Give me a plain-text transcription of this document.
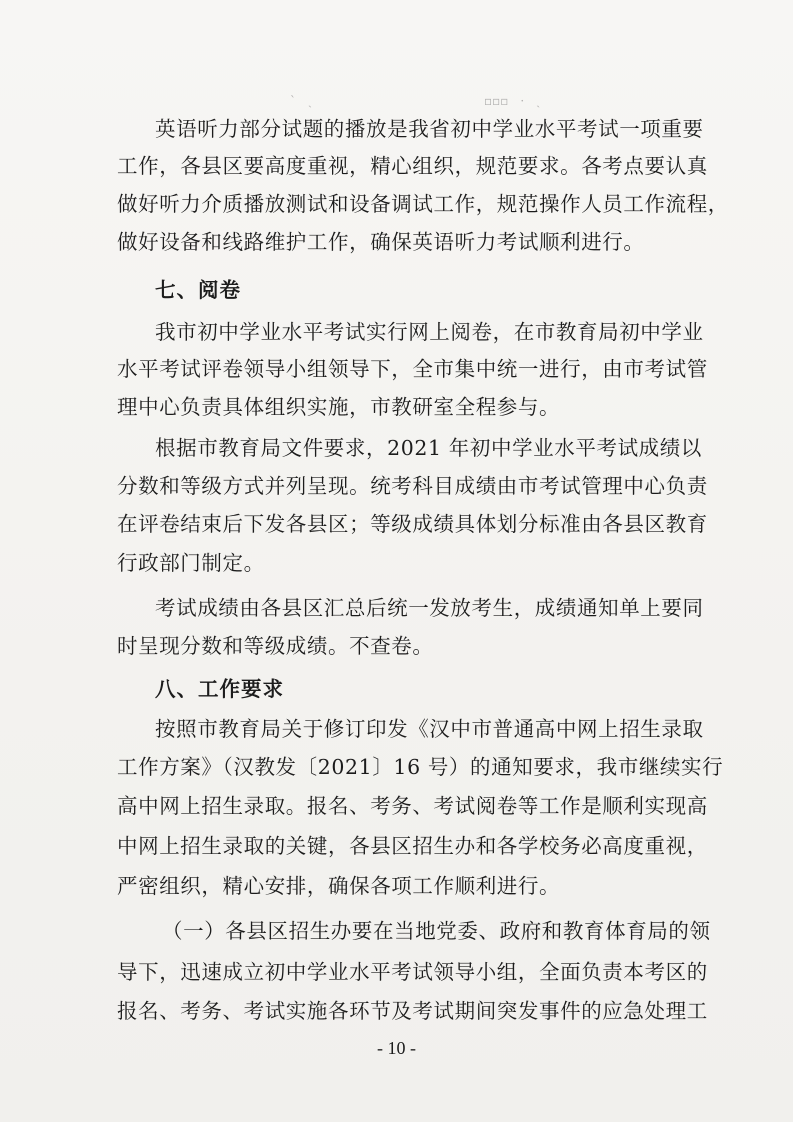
ˋ　ˎ	▫▫▫　·　ˎ
英语听力部分试题的播放是我省初中学业水平考试一项重要
工作，各县区要高度重视，精心组织，规范要求。各考点要认真
做好听力介质播放测试和设备调试工作，规范操作人员工作流程，
做好设备和线路维护工作，确保英语听力考试顺利进行。
七、阅卷
我市初中学业水平考试实行网上阅卷，在市教育局初中学业
水平考试评卷领导小组领导下，全市集中统一进行，由市考试管
理中心负责具体组织实施，市教研室全程参与。
根据市教育局文件要求，2021 年初中学业水平考试成绩以
分数和等级方式并列呈现。统考科目成绩由市考试管理中心负责
在评卷结束后下发各县区；等级成绩具体划分标准由各县区教育
行政部门制定。
考试成绩由各县区汇总后统一发放考生，成绩通知单上要同
时呈现分数和等级成绩。不查卷。
八、工作要求
按照市教育局关于修订印发《汉中市普通高中网上招生录取
工作方案》（汉教发〔2021〕16 号）的通知要求，我市继续实行
高中网上招生录取。报名、考务、考试阅卷等工作是顺利实现高
中网上招生录取的关键，各县区招生办和各学校务必高度重视，
严密组织，精心安排，确保各项工作顺利进行。
（一）各县区招生办要在当地党委、政府和教育体育局的领
导下，迅速成立初中学业水平考试领导小组，全面负责本考区的
报名、考务、考试实施各环节及考试期间突发事件的应急处理工
- 10 -
